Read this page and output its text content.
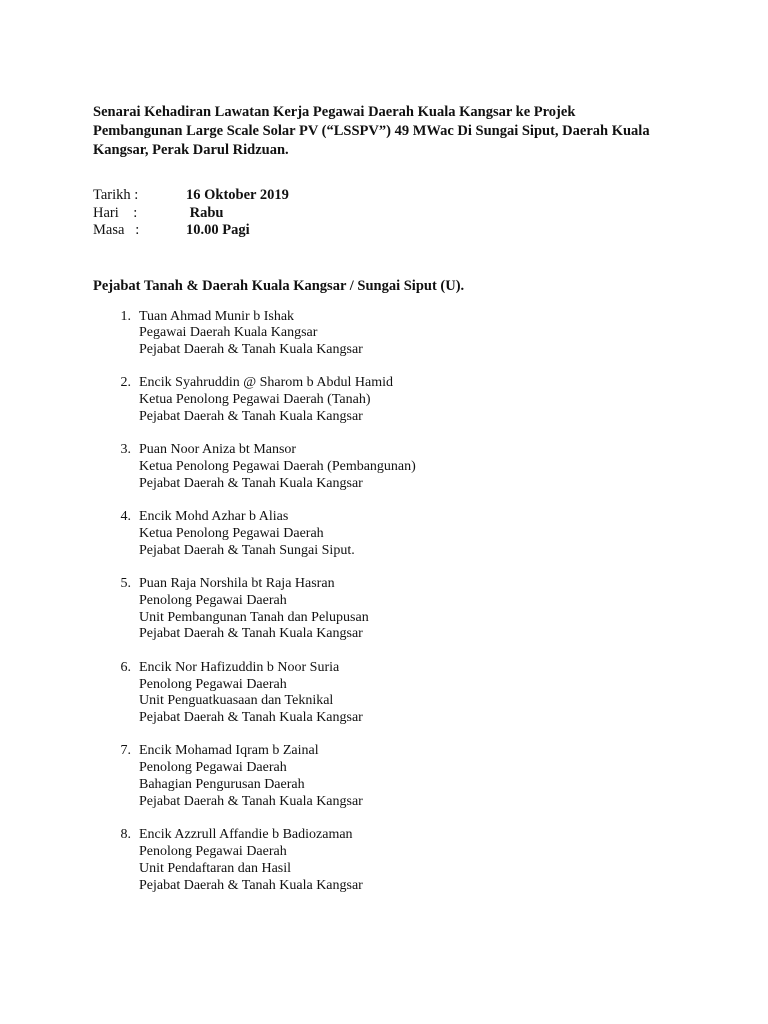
Senarai Kehadiran Lawatan Kerja Pegawai Daerah Kuala Kangsar ke Projek Pembangunan Large Scale Solar PV (“LSSPV”) 49 MWac Di Sungai Siput, Daerah Kuala Kangsar, Perak Darul Ridzuan.

Tarikh :	16 Oktober 2019
Hari    :	Rabu
Masa   :	10.00 Pagi
Pejabat Tanah & Daerah Kuala Kangsar / Sungai Siput (U).
1. Tuan Ahmad Munir b Ishak
Pegawai Daerah Kuala Kangsar
Pejabat Daerah & Tanah Kuala Kangsar
2. Encik Syahruddin @ Sharom b Abdul Hamid
Ketua Penolong Pegawai Daerah (Tanah)
Pejabat Daerah & Tanah Kuala Kangsar
3. Puan Noor Aniza bt Mansor
Ketua Penolong Pegawai Daerah (Pembangunan)
Pejabat Daerah & Tanah Kuala Kangsar
4. Encik Mohd Azhar b Alias
Ketua Penolong Pegawai Daerah
Pejabat Daerah & Tanah Sungai Siput.
5. Puan Raja Norshila bt Raja Hasran
Penolong Pegawai Daerah
Unit Pembangunan Tanah dan Pelupusan
Pejabat Daerah & Tanah Kuala Kangsar
6. Encik Nor Hafizuddin b Noor Suria
Penolong Pegawai Daerah
Unit Penguatkuasaan dan Teknikal
Pejabat Daerah & Tanah Kuala Kangsar
7. Encik Mohamad Iqram b Zainal
Penolong Pegawai Daerah
Bahagian Pengurusan Daerah
Pejabat Daerah & Tanah Kuala Kangsar
8. Encik Azzrull Affandie b Badiozaman
Penolong Pegawai Daerah
Unit Pendaftaran dan Hasil
Pejabat Daerah & Tanah Kuala Kangsar
